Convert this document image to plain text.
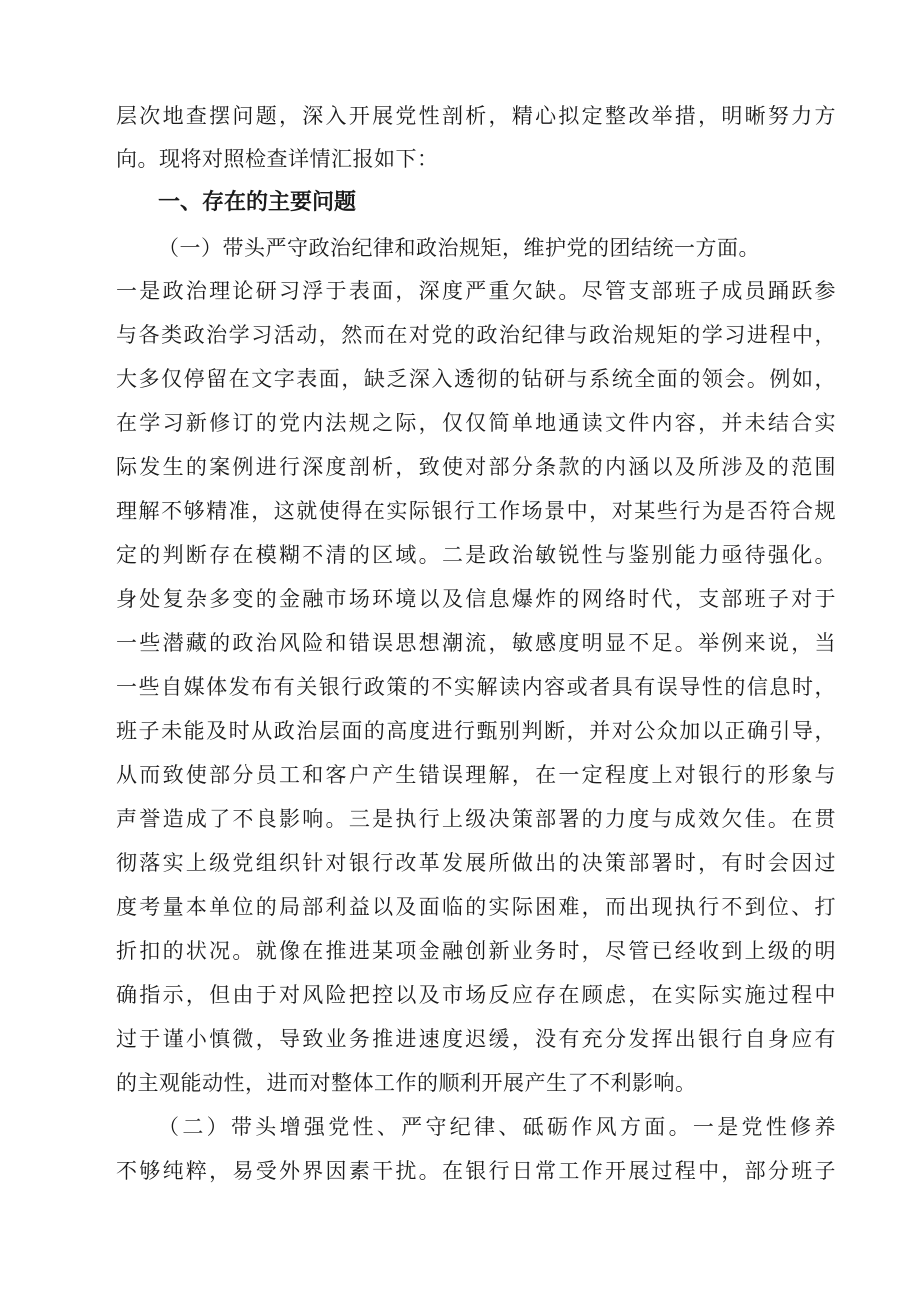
层次地查摆问题，深入开展党性剖析，精心拟定整改举措，明晰努力方
向。现将对照检查详情汇报如下：
一、存在的主要问题
（一）带头严守政治纪律和政治规矩，维护党的团结统一方面。
一是政治理论研习浮于表面，深度严重欠缺。尽管支部班子成员踊跃参
与各类政治学习活动，然而在对党的政治纪律与政治规矩的学习进程中，
大多仅停留在文字表面，缺乏深入透彻的钻研与系统全面的领会。例如，
在学习新修订的党内法规之际，仅仅简单地通读文件内容，并未结合实
际发生的案例进行深度剖析，致使对部分条款的内涵以及所涉及的范围
理解不够精准，这就使得在实际银行工作场景中，对某些行为是否符合规
定的判断存在模糊不清的区域。二是政治敏锐性与鉴别能力亟待强化。
身处复杂多变的金融市场环境以及信息爆炸的网络时代，支部班子对于
一些潜藏的政治风险和错误思想潮流，敏感度明显不足。举例来说，当
一些自媒体发布有关银行政策的不实解读内容或者具有误导性的信息时，
班子未能及时从政治层面的高度进行甄别判断，并对公众加以正确引导，
从而致使部分员工和客户产生错误理解，在一定程度上对银行的形象与
声誉造成了不良影响。三是执行上级决策部署的力度与成效欠佳。在贯
彻落实上级党组织针对银行改革发展所做出的决策部署时，有时会因过
度考量本单位的局部利益以及面临的实际困难，而出现执行不到位、打
折扣的状况。就像在推进某项金融创新业务时，尽管已经收到上级的明
确指示，但由于对风险把控以及市场反应存在顾虑，在实际实施过程中
过于谨小慎微，导致业务推进速度迟缓，没有充分发挥出银行自身应有
的主观能动性，进而对整体工作的顺利开展产生了不利影响。
（二）带头增强党性、严守纪律、砥砺作风方面。一是党性修养
不够纯粹，易受外界因素干扰。在银行日常工作开展过程中，部分班子
